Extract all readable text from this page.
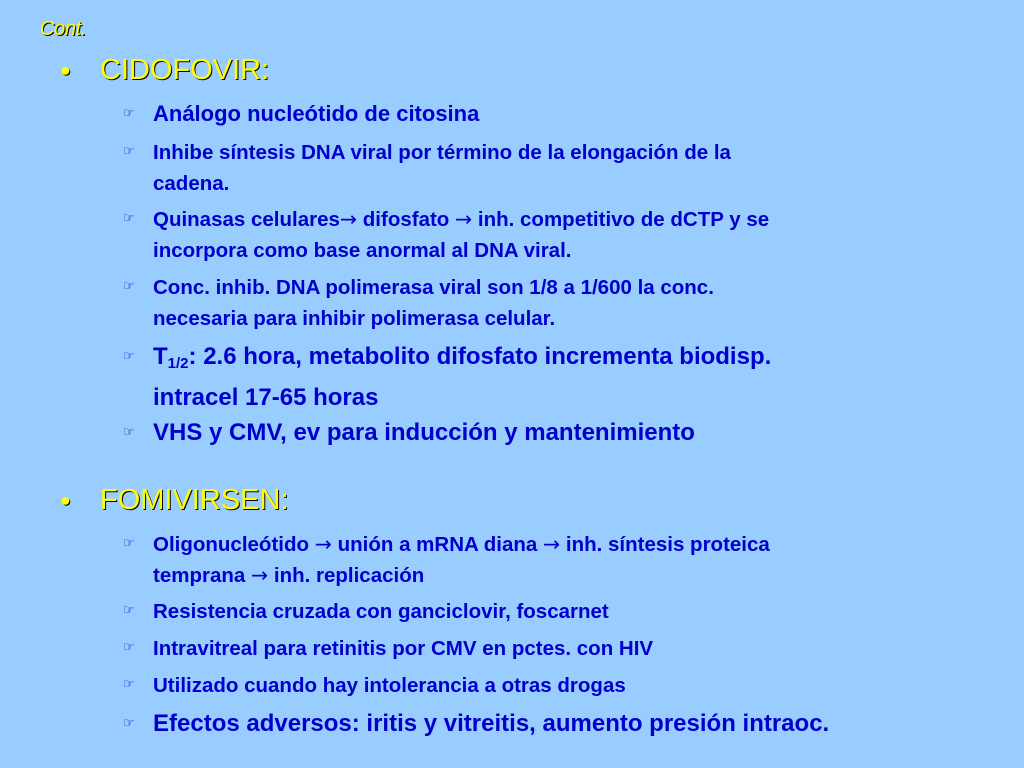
Cont.
● CIDOFOVIR:
☞ Análogo nucleótido de citosina
☞ Inhibe síntesis DNA viral por término de la elongación de la
cadena.
☞ Quinasas celulares→ difosfato → inh. competitivo de dCTP y se
incorpora como base anormal al DNA viral.
☞ Conc. inhib. DNA polimerasa viral son 1/8 a 1/600 la conc.
necesaria para inhibir polimerasa celular.
☞ $T_{1/2}$: 2.6 hora, metabolito difosfato incrementa biodisp.
intracel 17-65 horas
☞ VHS y CMV, ev para inducción y mantenimiento
● FOMIVIRSEN:
☞ Oligonucleótido → unión a mRNA diana → inh. síntesis proteica
temprana → inh. replicación
☞ Resistencia cruzada con ganciclovir, foscarnet
☞ Intravitreal para retinitis por CMV en pctes. con HIV
☞ Utilizado cuando hay intolerancia a otras drogas
☞ Efectos adversos: iritis y vitreitis, aumento presión intraoc.
